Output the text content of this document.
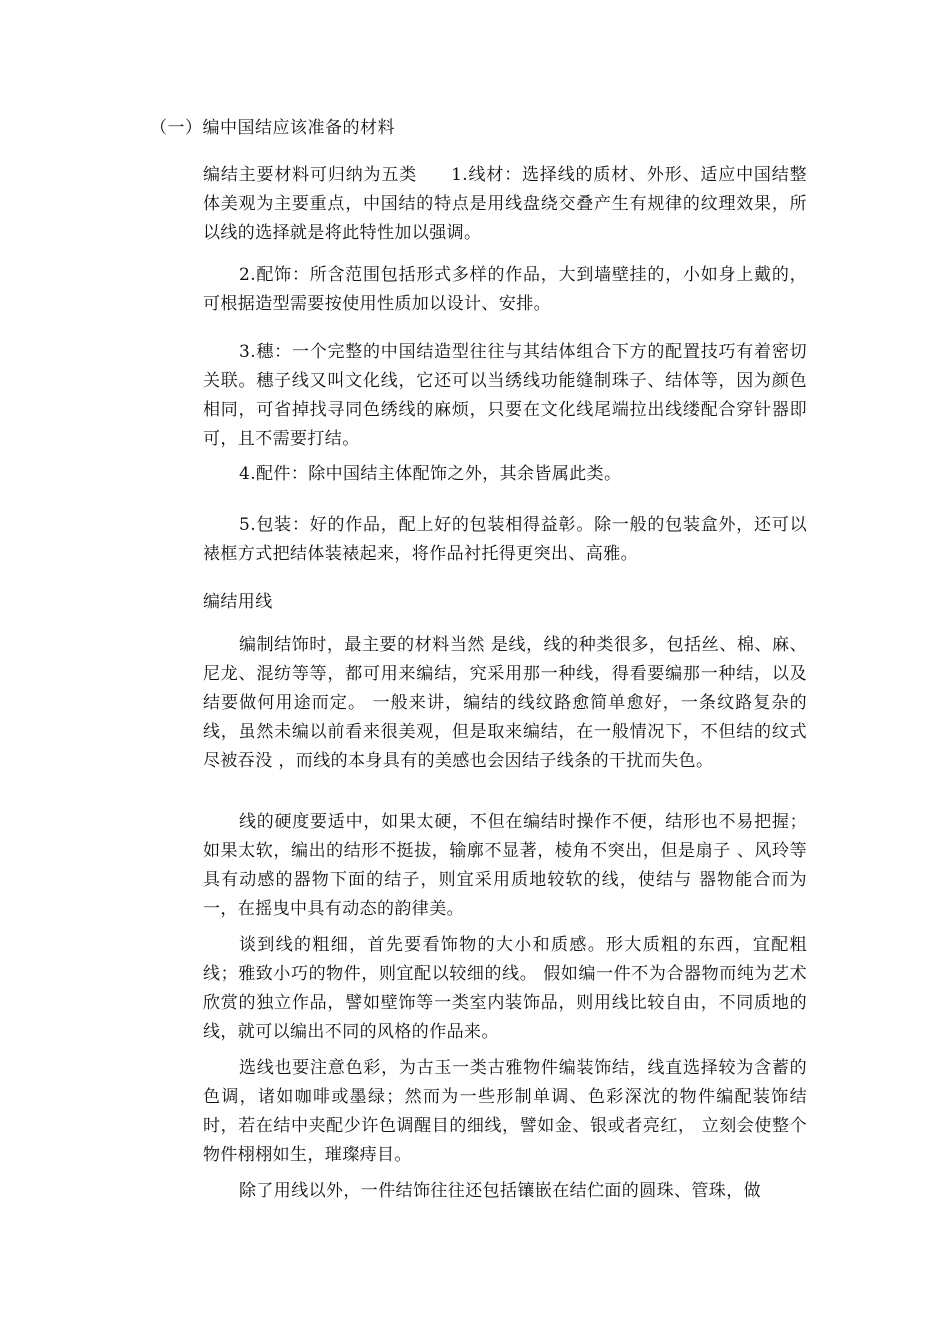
（一）编中国结应该准备的材料
编结主要材料可归纳为五类 1.线材：选择线的质材、外形、适应中国结整体美观为主要重点，中国结的特点是用线盘绕交叠产生有规律的纹理效果，所以线的选择就是将此特性加以强调。
2.配饰：所含范围包括形式多样的作品，大到墙壁挂的，小如身上戴的，可根据造型需要按使用性质加以设计、安排。
3.穗：一个完整的中国结造型往往与其结体组合下方的配置技巧有着密切关联。穗子线又叫文化线，它还可以当绣线功能缝制珠子、结体等，因为颜色相同，可省掉找寻同色绣线的麻烦，只要在文化线尾端拉出线缕配合穿针器即可，且不需要打结。
4.配件：除中国结主体配饰之外，其余皆属此类。
5.包装：好的作品，配上好的包装相得益彰。除一般的包装盒外，还可以裱框方式把结体装裱起来，将作品衬托得更突出、高雅。
编结用线
编制结饰时，最主要的材料当然 是线，线的种类很多，包括丝、棉、麻、尼龙、混纺等等，都可用来编结，究采用那一种线，得看要编那一种结，以及结要做何用途而定。 一般来讲，编结的线纹路愈简单愈好，一条纹路复杂的线，虽然未编以前看来很美观，但是取来编结，在一般情况下，不但结的纹式尽被吞没 ，而线的本身具有的美感也会因结子线条的干扰而失色。
线的硬度要适中，如果太硬，不但在编结时操作不便，结形也不易把握；如果太软，编出的结形不挺拔，输廓不显著，棱角不突出，但是扇子 、风玲等具有动感的器物下面的结子，则宜采用质地较软的线，使结与 器物能合而为一，在摇曳中具有动态的韵律美。
谈到线的粗细，首先要看饰物的大小和质感。形大质粗的东西，宜配粗线；雅致小巧的物件，则宜配以较细的线。 假如编一件不为合器物而纯为艺术欣赏的独立作品，譬如壁饰等一类室内装饰品，则用线比较自由，不同质地的线，就可以编出不同的风格的作品来。
选线也要注意色彩，为古玉一类古雅物件编装饰结，线直选择较为含蓄的色调，诸如咖啡或墨绿；然而为一些形制单调、色彩深沈的物件编配装饰结时，若在结中夹配少许色调醒目的细线，譬如金、银或者亮红， 立刻会使整个物件栩栩如生，璀璨痔目。
除了用线以外，一件结饰往往还包括镶嵌在结伫面的圆珠、管珠，做
